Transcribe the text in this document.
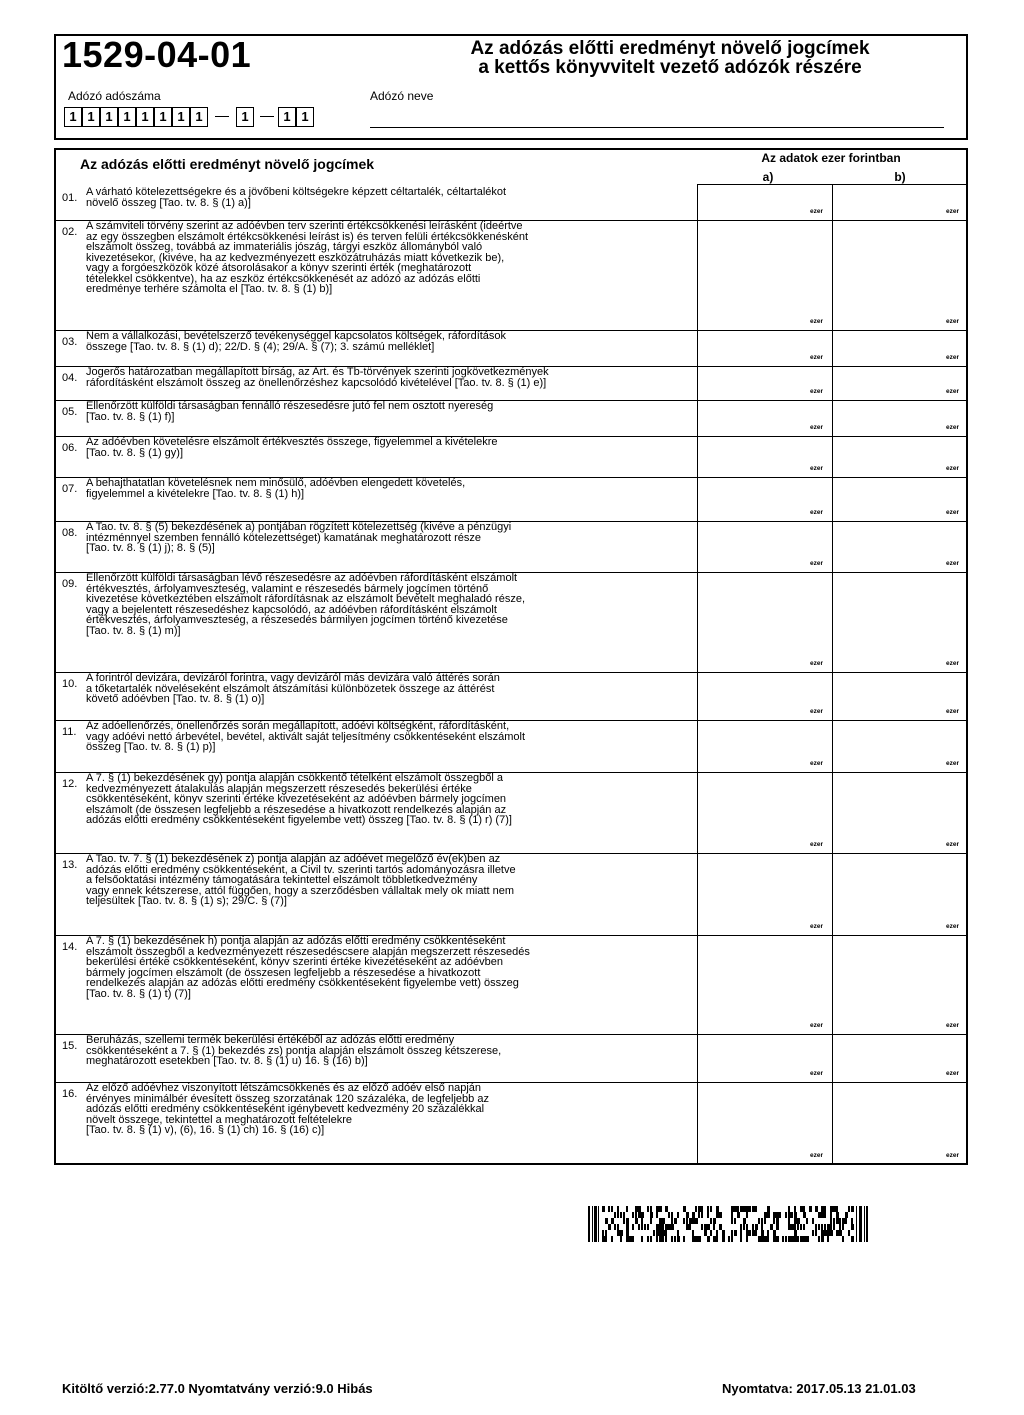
1529-04-01	Az adózás előtti eredményt növelő jogcímek
a kettős könyvvitelt vezető adózók részére
Adózó adószáma	Adózó neve
1 1 1 1 1 1 1 1	1	1 1
Az adózás előtti eredményt növelő jogcímek	Az adatok ezer forintban
a)	b)
01. A várható kötelezettségekre és a jövőbeni költségekre képzett céltartalék, céltartalékot
növelő összeg [Tao. tv. 8. § (1) a)]
ezer	ezer
02. A számviteli törvény szerint az adóévben terv szerinti értékcsökkenési leírásként (ideértve
az egy összegben elszámolt értékcsökkenési leírást is) és terven felüli értékcsökkenésként
elszámolt összeg, továbbá az immateriális jószág, tárgyi eszköz állományból való
kivezetésekor, (kivéve, ha az kedvezményezett eszközátruházás miatt következik be),
vagy a forgóeszközök közé átsorolásakor a könyv szerinti érték (meghatározott
tételekkel csökkentve), ha az eszköz értékcsökkenését az adózó az adózás előtti
eredménye terhére számolta el [Tao. tv. 8. § (1) b)]
ezer	ezer
03. Nem a vállalkozási, bevételszerző tevékenységgel kapcsolatos költségek, ráfordítások
összege [Tao. tv. 8. § (1) d); 22/D. § (4); 29/A. § (7); 3. számú melléklet]
ezer	ezer
04. Jogerős határozatban megállapított bírság, az Art. és Tb-törvények szerinti jogkövetkezmények
ráfordításként elszámolt összeg az önellenőrzéshez kapcsolódó kivételével [Tao. tv. 8. § (1) e)]
ezer	ezer
05. Ellenőrzött külföldi társaságban fennálló részesedésre jutó fel nem osztott nyereség
[Tao. tv. 8. § (1) f)]
ezer	ezer
06. Az adóévben követelésre elszámolt értékvesztés összege, figyelemmel a kivételekre
[Tao. tv. 8. § (1) gy)]
ezer	ezer
07. A behajthatatlan követelésnek nem minősülő, adóévben elengedett követelés,
figyelemmel a kivételekre [Tao. tv. 8. § (1) h)]
ezer	ezer
08. A Tao. tv. 8. § (5) bekezdésének a) pontjában rögzített kötelezettség (kivéve a pénzügyi
intézménnyel szemben fennálló kötelezettséget) kamatának meghatározott része
[Tao. tv. 8. § (1) j); 8. § (5)]
ezer	ezer
09. Ellenőrzött külföldi társaságban lévő részesedésre az adóévben ráfordításként elszámolt
értékvesztés, árfolyamveszteség, valamint e részesedés bármely jogcímen történő
kivezetése következtében elszámolt ráfordításnak az elszámolt bevételt meghaladó része,
vagy a bejelentett részesedéshez kapcsolódó, az adóévben ráfordításként elszámolt
értékvesztés, árfolyamveszteség, a részesedés bármilyen jogcímen történő kivezetése
[Tao. tv. 8. § (1) m)]
ezer	ezer
10. A forintról devizára, devizáról forintra, vagy devizáról más devizára való áttérés során
a tőketartalék növeléseként elszámolt átszámítási különbözetek összege az áttérést
követő adóévben [Tao. tv. 8. § (1) o)]
ezer	ezer
11. Az adóellenőrzés, önellenőrzés során megállapított, adóévi költségként, ráfordításként,
vagy adóévi nettó árbevétel, bevétel, aktivált saját teljesítmény csökkentéseként elszámolt
összeg [Tao. tv. 8. § (1) p)]
ezer	ezer
12. A 7. § (1) bekezdésének gy) pontja alapján csökkentő tételként elszámolt összegből a
kedvezményezett átalakulás alapján megszerzett részesedés bekerülési értéke
csökkentéseként, könyv szerinti értéke kivezetéseként az adóévben bármely jogcímen
elszámolt (de összesen legfeljebb a részesedése a hivatkozott rendelkezés alapján az
adózás előtti eredmény csökkentéseként figyelembe vett) összeg [Tao. tv. 8. § (1) r) (7)]
ezer	ezer
13. A Tao. tv. 7. § (1) bekezdésének z) pontja alapján az adóévet megelőző év(ek)ben az
adózás előtti eredmény csökkentéseként, a Civil tv. szerinti tartós adományozásra illetve
a felsőoktatási intézmény támogatására tekintettel elszámolt többletkedvezmény
vagy ennek kétszerese, attól függően, hogy a szerződésben vállaltak mely ok miatt nem
teljesültek [Tao. tv. 8. § (1) s); 29/C. § (7)]
ezer	ezer
14. A 7. § (1) bekezdésének h) pontja alapján az adózás előtti eredmény csökkentéseként
elszámolt összegből a kedvezményezett részesedéscsere alapján megszerzett részesedés
bekerülési értéke csökkentéseként, könyv szerinti értéke kivezetéseként az adóévben
bármely jogcímen elszámolt (de összesen legfeljebb a részesedése a hivatkozott
rendelkezés alapján az adózás előtti eredmény csökkentéseként figyelembe vett) összeg
[Tao. tv. 8. § (1) t) (7)]
ezer	ezer
15. Beruházás, szellemi termék bekerülési értékéből az adózás előtti eredmény
csökkentéseként a 7. § (1) bekezdés zs) pontja alapján elszámolt összeg kétszerese,
meghatározott esetekben [Tao. tv. 8. § (1) u) 16. § (16) b)]
ezer	ezer
16. Az előző adóévhez viszonyított létszámcsökkenés és az előző adóév első napján
érvényes minimálbér évesített összeg szorzatának 120 százaléka, de legfeljebb az
adózás előtti eredmény csökkentéseként igénybevett kedvezmény 20 százalékkal
növelt összege, tekintettel a meghatározott feltételekre
[Tao. tv. 8. § (1) v), (6), 16. § (1) ch) 16. § (16) c)]
ezer	ezer
Kitöltő verzió:2.77.0 Nyomtatvány verzió:9.0 Hibás	Nyomtatva: 2017.05.13 21.01.03
